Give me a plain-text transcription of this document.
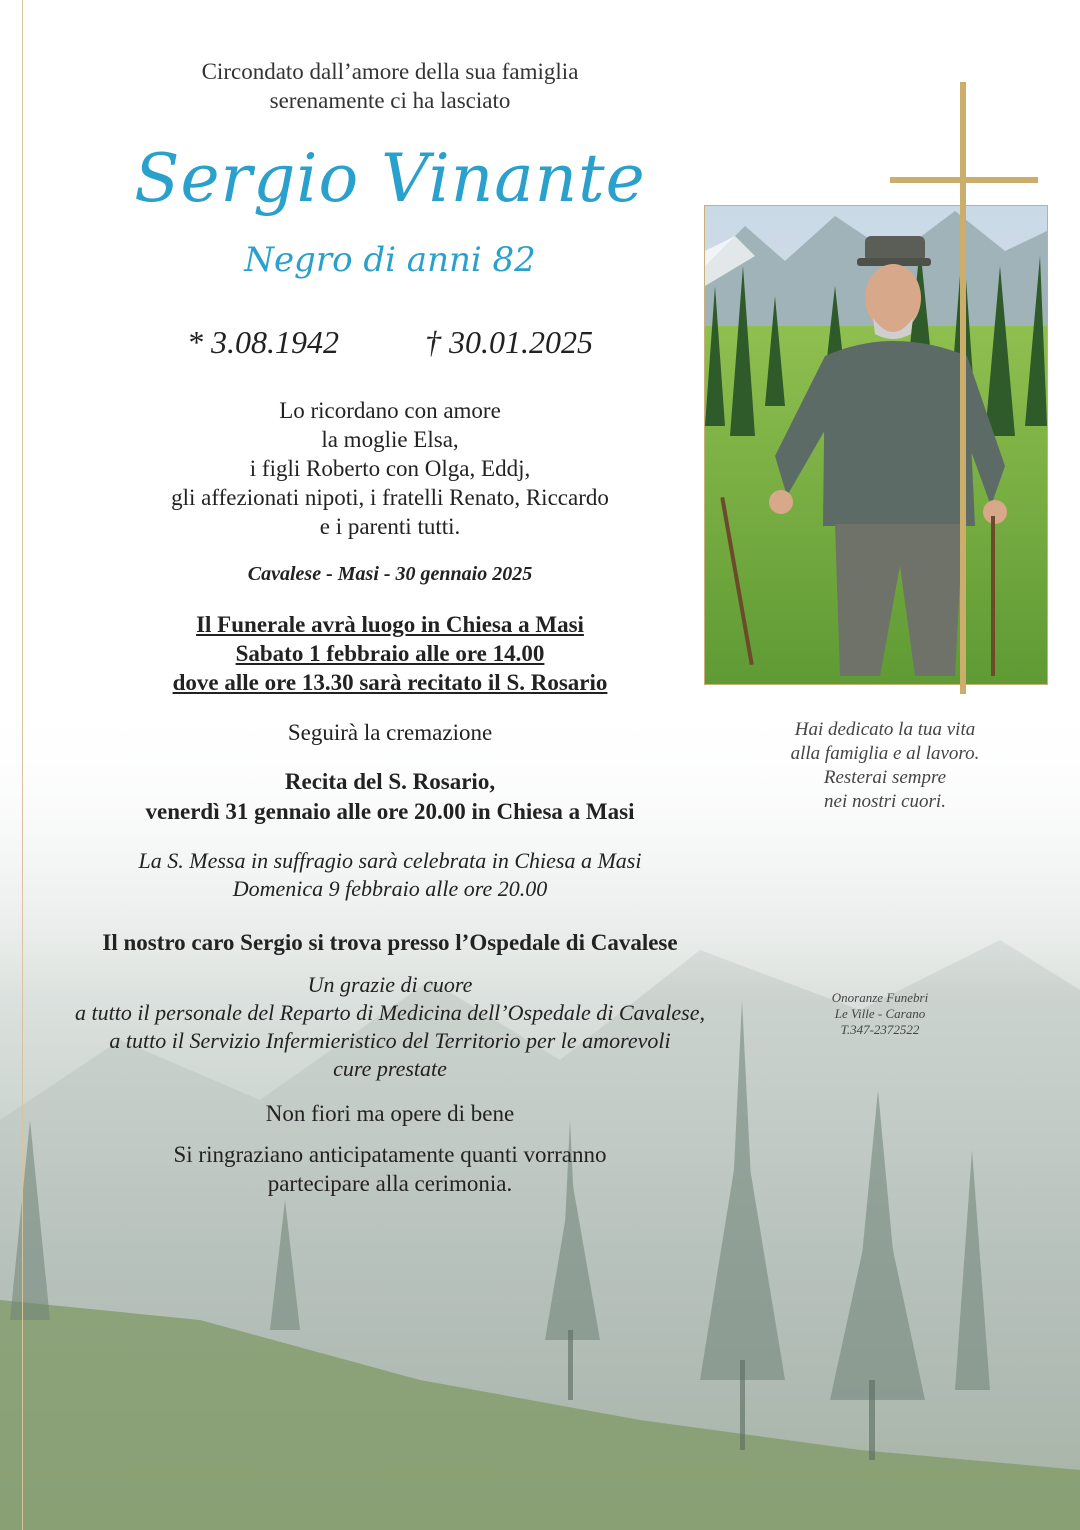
Circondato dall’amore della sua famiglia
serenamente ci ha lasciato
Sergio Vinante
Negro di anni 82
* 3.08.1942	† 30.01.2025
Lo ricordano con amore
la moglie Elsa,
i figli Roberto con Olga, Eddj,
gli affezionati nipoti, i fratelli Renato, Riccardo
e i parenti tutti.
Cavalese - Masi - 30 gennaio 2025
Il Funerale avrà luogo in Chiesa a Masi
Sabato 1 febbraio alle ore 14.00
dove alle ore 13.30 sarà recitato il S. Rosario
Seguirà la cremazione
Recita del S. Rosario,
venerdì 31 gennaio alle ore 20.00 in Chiesa a Masi
La S. Messa in suffragio sarà celebrata in Chiesa a Masi
Domenica 9 febbraio alle ore 20.00
Il nostro caro Sergio si trova presso l’Ospedale di Cavalese
Un grazie di cuore
a tutto il personale del Reparto di Medicina dell’Ospedale di Cavalese,
a tutto il Servizio Infermieristico del Territorio per le amorevoli
cure prestate
Non fiori ma opere di bene
Si ringraziano anticipatamente quanti vorranno
partecipare alla cerimonia.
Hai dedicato la tua vita
alla famiglia e al lavoro.
Resterai sempre
nei nostri cuori.
Onoranze Funebri
Le Ville - Carano
T.347-2372522
